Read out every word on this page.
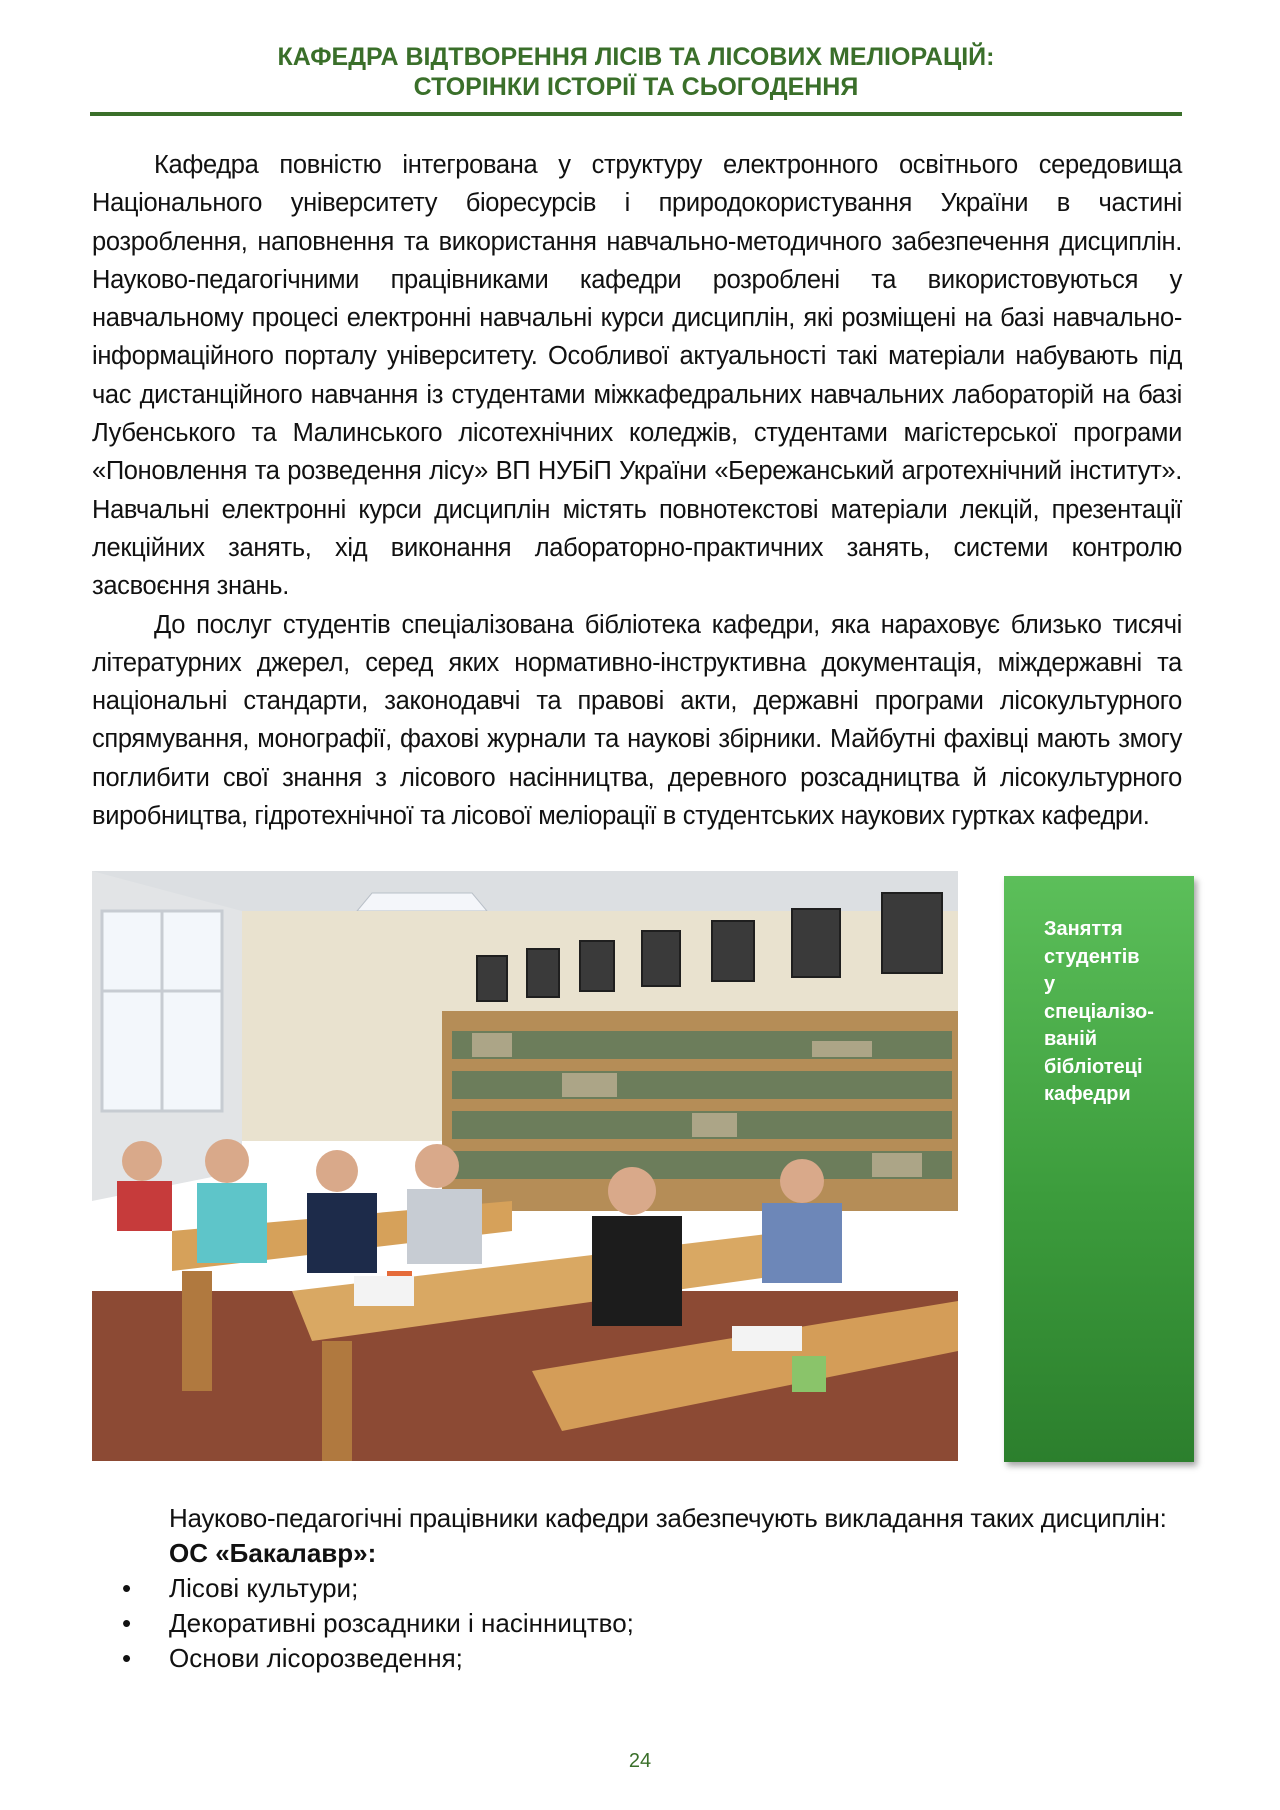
КАФЕДРА ВІДТВОРЕННЯ ЛІСІВ ТА ЛІСОВИХ МЕЛІОРАЦІЙ:
СТОРІНКИ ІСТОРІЇ ТА СЬОГОДЕННЯ

Кафедра повністю інтегрована у структуру електронного освітнього середовища Національного університету біоресурсів і природокористування України в частині розроблення, наповнення та використання навчально-методичного забезпечення дисциплін. Науково-педагогічними працівниками кафедри розроблені та використовуються у навчальному процесі електронні навчальні курси дисциплін, які розміщені на базі навчально-інформаційного порталу університету. Особливої актуальності такі матеріали набувають під час дистанційного навчання із студентами міжкафедральних навчальних лабораторій на базі Лубенського та Малинського лісотехнічних коледжів, студентами магістерської програми «Поновлення та розведення лісу» ВП НУБіП України «Бережанський агротехнічний інститут». Навчальні електронні курси дисциплін містять повнотекстові матеріали лекцій, презентації лекційних занять, хід виконання лабораторно-практичних занять, системи контролю засвоєння знань.

До послуг студентів спеціалізована бібліотека кафедри, яка нараховує близько тисячі літературних джерел, серед яких нормативно-інструктивна документація, міждержавні та національні стандарти, законодавчі та правові акти, державні програми лісокультурного спрямування, монографії, фахові журнали та наукові збірники. Майбутні фахівці мають змогу поглибити свої знання з лісового насінництва, деревного розсадництва й лісокультурного виробництва, гідротехнічної та лісової меліорації в студентських наукових гуртках кафедри.

Заняття
студентів
у
спеціалізо-
ваній
бібліотеці
кафедри
Науково-педагогічні працівники кафедри забезпечують викладання таких дисциплін:
ОС «Бакалавр»:
• Лісові культури;
• Декоративні розсадники і насінництво;
• Основи лісорозведення;
24
